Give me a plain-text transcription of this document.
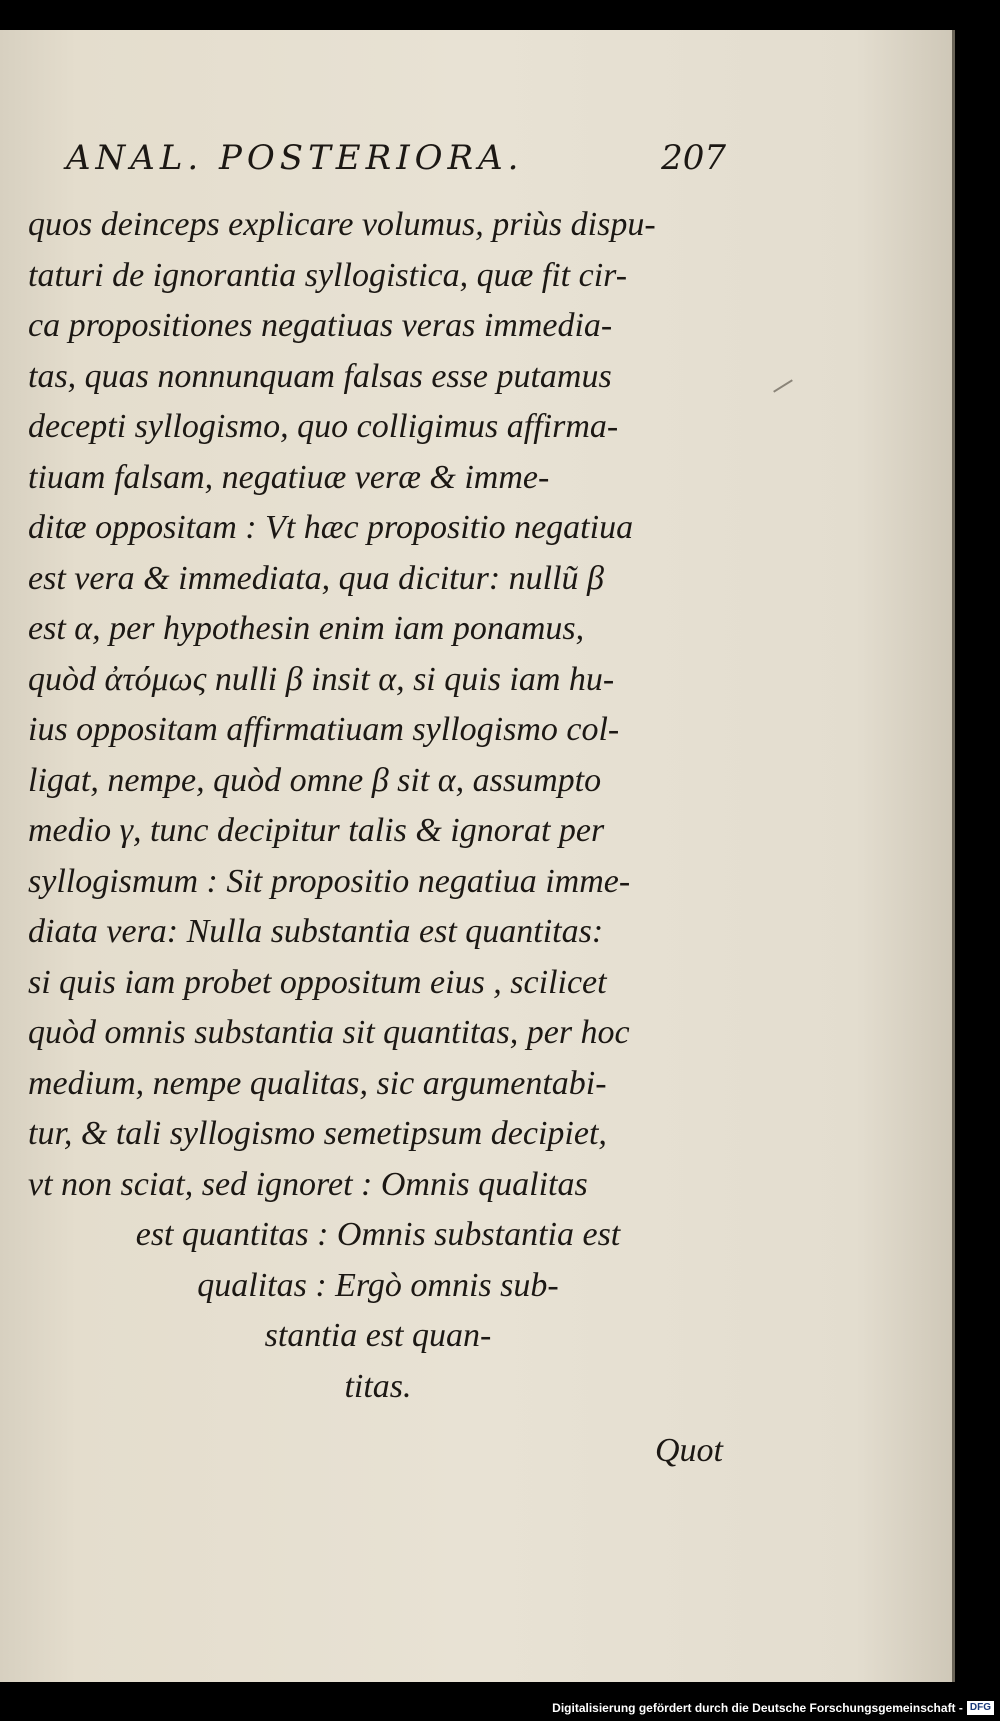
ANAL. POSTERIORA.	207
quos deinceps explicare volumus, priùs dispu-
taturi de ignorantia syllogistica, quæ fit cir-
ca propositiones negatiuas veras immedia-
tas, quas nonnunquam falsas esse putamus
decepti syllogismo, quo colligimus affirma-
tiuam falsam, negatiuæ veræ & imme-
ditæ oppositam : Vt hæc propositio negatiua
est vera & immediata, qua dicitur: nullũ β
est α, per hypothesin enim iam ponamus,
quòd ἀτόμως nulli β insit α, si quis iam hu-
ius oppositam affirmatiuam syllogismo col-
ligat, nempe, quòd omne β sit α, assumpto
medio γ, tunc decipitur talis & ignorat per
syllogismum : Sit propositio negatiua imme-
diata vera: Nulla substantia est quantitas:
si quis iam probet oppositum eius , scilicet
quòd omnis substantia sit quantitas, per hoc
medium, nempe qualitas, sic argumentabi-
tur, & tali syllogismo semetipsum decipiet,
vt non sciat, sed ignoret : Omnis qualitas
est quantitas : Omnis substantia est
qualitas : Ergò omnis sub-
stantia est quan-
titas.
Quot
Digitalisierung gefördert durch die Deutsche Forschungsgemeinschaft - DFG
